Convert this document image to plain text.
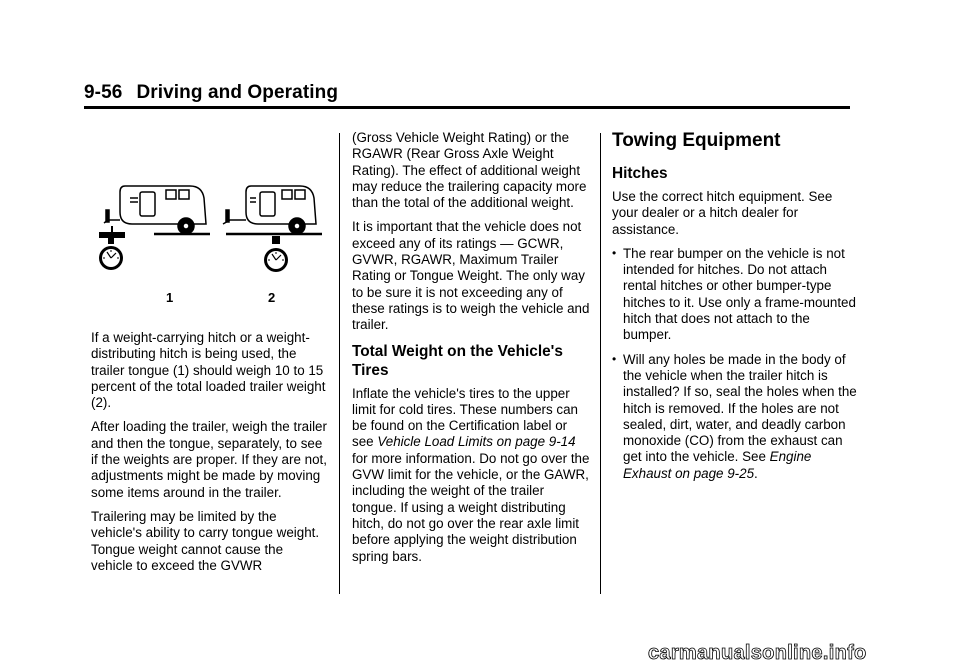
9-56 Driving and Operating
1	2

If a weight-carrying hitch or a weight-distributing hitch is being used, the trailer tongue (1) should weigh 10 to 15 percent of the total loaded trailer weight (2).

After loading the trailer, weigh the trailer and then the tongue, separately, to see if the weights are proper. If they are not, adjustments might be made by moving some items around in the trailer.

Trailering may be limited by the vehicle's ability to carry tongue weight. Tongue weight cannot cause the vehicle to exceed the GVWR

(Gross Vehicle Weight Rating) or the RGAWR (Rear Gross Axle Weight Rating). The effect of additional weight may reduce the trailering capacity more than the total of the additional weight.

It is important that the vehicle does not exceed any of its ratings — GCWR, GVWR, RGAWR, Maximum Trailer Rating or Tongue Weight. The only way to be sure it is not exceeding any of these ratings is to weigh the vehicle and trailer.

Total Weight on the Vehicle's Tires

Inflate the vehicle's tires to the upper limit for cold tires. These numbers can be found on the Certification label or see Vehicle Load Limits on page 9-14 for more information. Do not go over the GVW limit for the vehicle, or the GAWR, including the weight of the trailer tongue. If using a weight distributing hitch, do not go over the rear axle limit before applying the weight distribution spring bars.

Towing Equipment
Hitches

Use the correct hitch equipment. See your dealer or a hitch dealer for assistance.

• The rear bumper on the vehicle is not intended for hitches. Do not attach rental hitches or other bumper-type hitches to it. Use only a frame-mounted hitch that does not attach to the bumper.
• Will any holes be made in the body of the vehicle when the trailer hitch is installed? If so, seal the holes when the hitch is removed. If the holes are not sealed, dirt, water, and deadly carbon monoxide (CO) from the exhaust can get into the vehicle. See Engine Exhaust on page 9-25.
carmanualsonline.info
